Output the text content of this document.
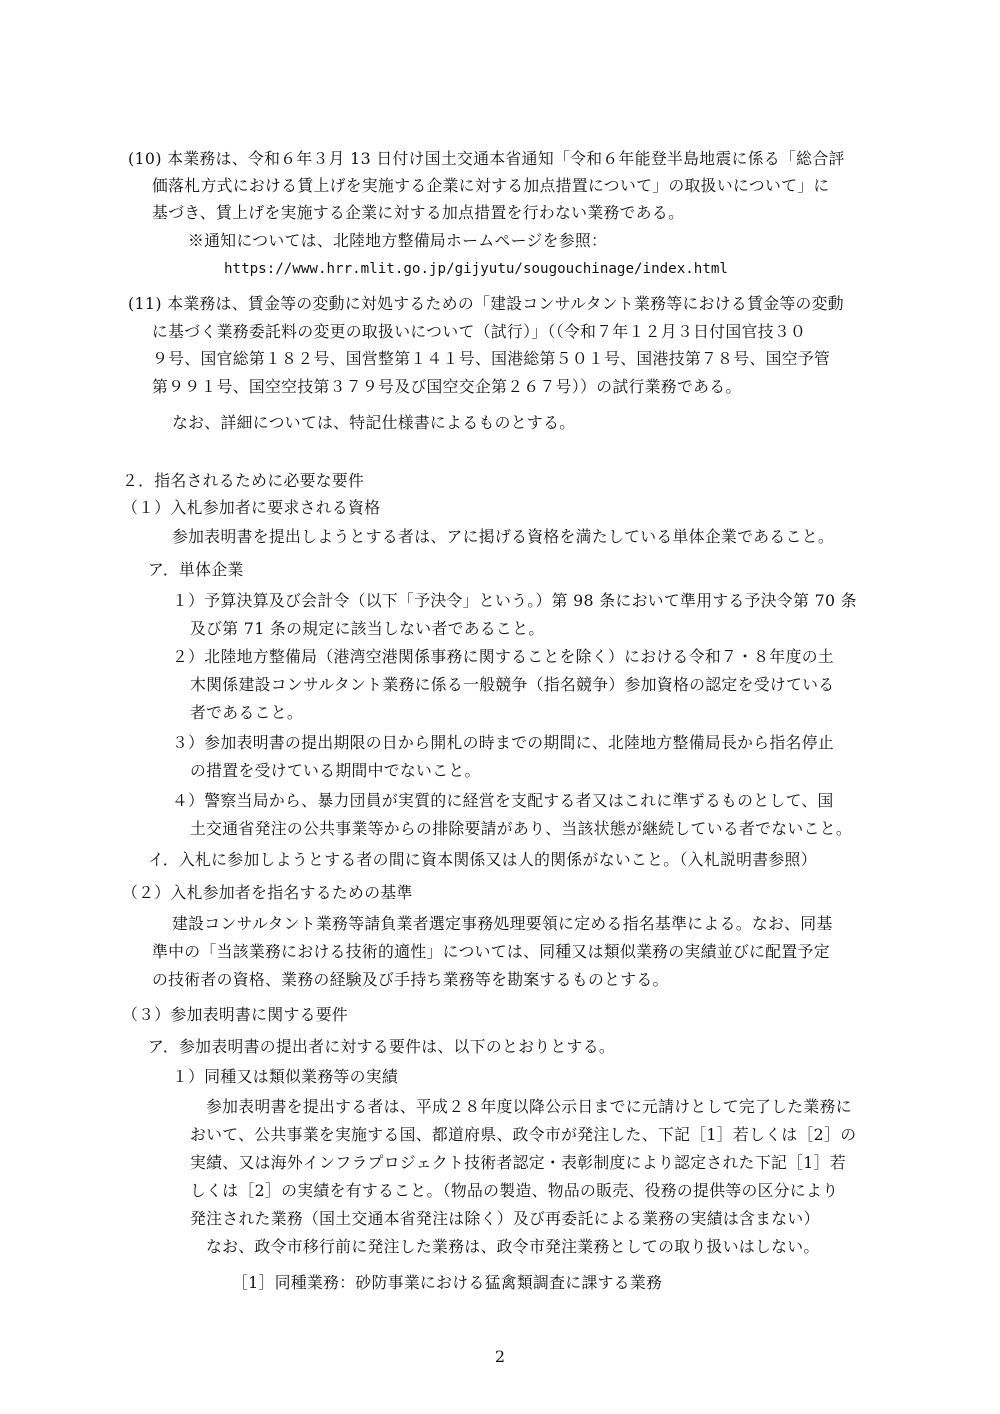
(10) 本業務は、令和６年３月 13 日付け国土交通本省通知「令和６年能登半島地震に係る「総合評
価落札方式における賃上げを実施する企業に対する加点措置について」の取扱いについて」に
基づき、賃上げを実施する企業に対する加点措置を行わない業務である。
※通知については、北陸地方整備局ホームページを参照：
https://www.hrr.mlit.go.jp/gijyutu/sougouchinage/index.html
(11) 本業務は、賃金等の変動に対処するための「建設コンサルタント業務等における賃金等の変動
に基づく業務委託料の変更の取扱いについて（試行）」（（令和７年１２月３日付国官技３０
９号、国官総第１８２号、国営整第１４１号、国港総第５０１号、国港技第７８号、国空予管
第９９１号、国空空技第３７９号及び国空交企第２６７号））の試行業務である。
なお、詳細については、特記仕様書によるものとする。
２．指名されるために必要な要件
（１）入札参加者に要求される資格
参加表明書を提出しようとする者は、アに掲げる資格を満たしている単体企業であること。
ア．単体企業
１）予算決算及び会計令（以下「予決令」という。）第 98 条において準用する予決令第 70 条
及び第 71 条の規定に該当しない者であること。
２）北陸地方整備局（港湾空港関係事務に関することを除く）における令和７・８年度の土
木関係建設コンサルタント業務に係る一般競争（指名競争）参加資格の認定を受けている
者であること。
３）参加表明書の提出期限の日から開札の時までの期間に、北陸地方整備局長から指名停止
の措置を受けている期間中でないこと。
４）警察当局から、暴力団員が実質的に経営を支配する者又はこれに準ずるものとして、国
土交通省発注の公共事業等からの排除要請があり、当該状態が継続している者でないこと。
イ．入札に参加しようとする者の間に資本関係又は人的関係がないこと。（入札説明書参照）
（２）入札参加者を指名するための基準
建設コンサルタント業務等請負業者選定事務処理要領に定める指名基準による。なお、同基
準中の「当該業務における技術的適性」については、同種又は類似業務の実績並びに配置予定
の技術者の資格、業務の経験及び手持ち業務等を勘案するものとする。
（３）参加表明書に関する要件
ア．参加表明書の提出者に対する要件は、以下のとおりとする。
１）同種又は類似業務等の実績
参加表明書を提出する者は、平成２８年度以降公示日までに元請けとして完了した業務に
おいて、公共事業を実施する国、都道府県、政令市が発注した、下記［1］若しくは［2］の
実績、又は海外インフラプロジェクト技術者認定・表彰制度により認定された下記［1］若
しくは［2］の実績を有すること。（物品の製造、物品の販売、役務の提供等の区分により
発注された業務（国土交通本省発注は除く）及び再委託による業務の実績は含まない）
なお、政令市移行前に発注した業務は、政令市発注業務としての取り扱いはしない。
［1］同種業務：砂防事業における猛禽類調査に課する業務
2
